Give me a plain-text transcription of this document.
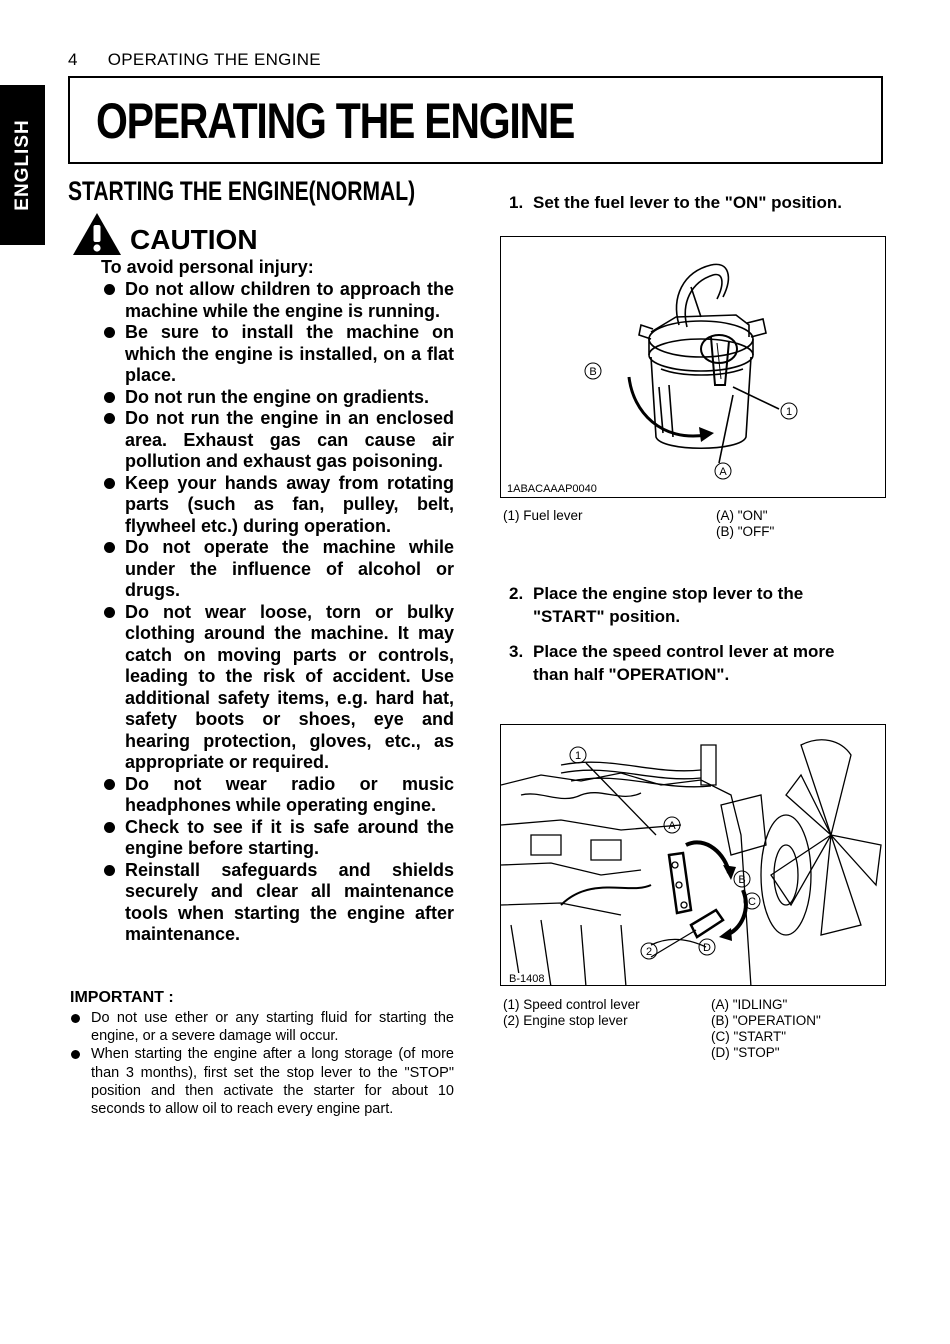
4 OPERATING THE ENGINE
ENGLISH OPERATING THE ENGINE
STARTING THE ENGINE(NORMAL)
CAUTION
To avoid personal injury:
Do not allow children to approach the machine while the engine is running.
Be sure to install the machine on which the engine is installed, on a flat place.
Do not run the engine on gradients.
Do not run the engine in an enclosed area. Exhaust gas can cause air pollution and exhaust gas poisoning.
Keep your hands away from rotating parts (such as fan, pulley, belt, flywheel etc.) during operation.
Do not operate the machine while under the influence of alcohol or drugs.
Do not wear loose, torn or bulky clothing around the machine. It may catch on moving parts or controls, leading to the risk of accident. Use additional safety items, e.g. hard hat, safety boots or shoes, eye and hearing protection, gloves, etc., as appropriate or required.
Do not wear radio or music headphones while operating engine.
Check to see if it is safe around the engine before starting.
Reinstall safeguards and shields securely and clear all maintenance tools when starting the engine after maintenance.
IMPORTANT :
Do not use ether or any starting fluid for starting the engine, or a severe damage will occur.
When starting the engine after a long storage (of more than 3 months), first set the stop lever to the "STOP" position and then activate the starter for about 10 seconds to allow oil to reach every engine part.
1. Set the fuel lever to the "ON" position.
B
1
A
1ABACAAAP0040
(1) Fuel lever	(A) "ON"
(B) "OFF"
2. Place the engine stop lever to the "START" position.
3. Place the speed control lever at more than half "OPERATION".
1
2
A
B
C
D
B-1408
(1) Speed control lever
(2) Engine stop lever
(A) "IDLING"
(B) "OPERATION"
(C) "START"
(D) "STOP"
